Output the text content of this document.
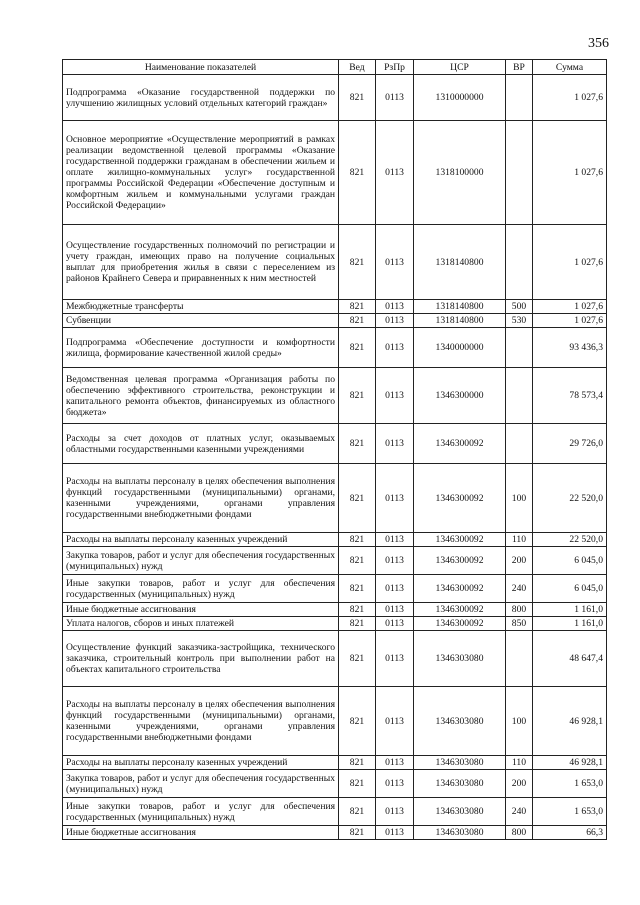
356
Наименование показателей	Вед	РзПр	ЦСР	ВР	Сумма
Подпрограмма «Оказание государственной поддержки по улучшению жилищных условий отдельных категорий граждан»	821	0113	1310000000		1 027,6
Основное мероприятие «Осуществление мероприятий в рамках реализации ведомственной целевой программы «Оказание государственной поддержки гражданам в обеспечении жильем и оплате жилищно-коммунальных услуг» государственной программы Российской Федерации «Обеспечение доступным и комфортным жильем и коммунальными услугами граждан Российской Федерации»	821	0113	1318100000		1 027,6
Осуществление государственных полномочий по регистрации и учету граждан, имеющих право на получение социальных выплат для приобретения жилья в связи с переселением из районов Крайнего Севера и приравненных к ним местностей	821	0113	1318140800		1 027,6
Межбюджетные трансферты	821	0113	1318140800	500	1 027,6
Субвенции	821	0113	1318140800	530	1 027,6
Подпрограмма «Обеспечение доступности и комфортности жилища, формирование качественной жилой среды»	821	0113	1340000000		93 436,3
Ведомственная целевая программа «Организация работы по обеспечению эффективного строительства, реконструкции и капитального ремонта объектов, финансируемых из областного бюджета»	821	0113	1346300000		78 573,4
Расходы за счет доходов от платных услуг, оказываемых областными государственными казенными учреждениями	821	0113	1346300092		29 726,0
Расходы на выплаты персоналу в целях обеспечения выполнения функций государственными (муниципальными) органами, казенными учреждениями, органами управления государственными внебюджетными фондами	821	0113	1346300092	100	22 520,0
Расходы на выплаты персоналу казенных учреждений	821	0113	1346300092	110	22 520,0
Закупка товаров, работ и услуг для обеспечения государственных (муниципальных) нужд	821	0113	1346300092	200	6 045,0
Иные закупки товаров, работ и услуг для обеспечения государственных (муниципальных) нужд	821	0113	1346300092	240	6 045,0
Иные бюджетные ассигнования	821	0113	1346300092	800	1 161,0
Уплата налогов, сборов и иных платежей	821	0113	1346300092	850	1 161,0
Осуществление функций заказчика-застройщика, технического заказчика, строительный контроль при выполнении работ на объектах капитального строительства	821	0113	1346303080		48 647,4
Расходы на выплаты персоналу в целях обеспечения выполнения функций государственными (муниципальными) органами, казенными учреждениями, органами управления государственными внебюджетными фондами	821	0113	1346303080	100	46 928,1
Расходы на выплаты персоналу казенных учреждений	821	0113	1346303080	110	46 928,1
Закупка товаров, работ и услуг для обеспечения государственных (муниципальных) нужд	821	0113	1346303080	200	1 653,0
Иные закупки товаров, работ и услуг для обеспечения государственных (муниципальных) нужд	821	0113	1346303080	240	1 653,0
Иные бюджетные ассигнования	821	0113	1346303080	800	66,3
